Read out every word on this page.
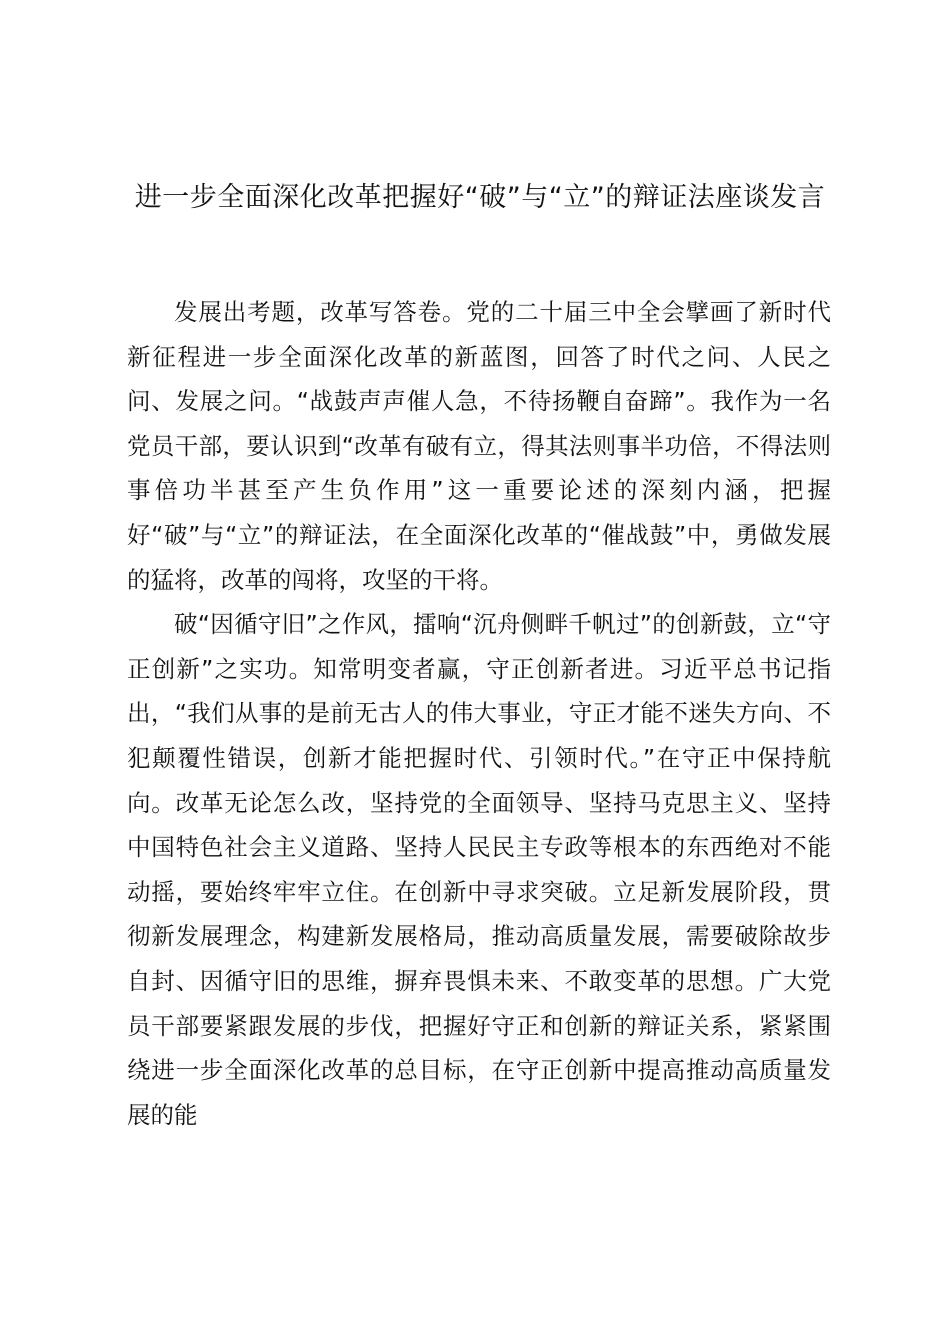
进一步全面深化改革把握好“破”与“立”的辩证法座谈发言

发展出考题，改革写答卷。党的二十届三中全会擘画了新时代新征程进一步全面深化改革的新蓝图，回答了时代之问、人民之问、发展之问。“战鼓声声催人急，不待扬鞭自奋蹄”。我作为一名党员干部，要认识到“改革有破有立，得其法则事半功倍，不得法则事倍功半甚至产生负作用”这一重要论述的深刻内涵，把握好“破”与“立”的辩证法，在全面深化改革的“催战鼓”中，勇做发展的猛将，改革的闯将，攻坚的干将。

破“因循守旧”之作风，擂响“沉舟侧畔千帆过”的创新鼓，立“守正创新”之实功。知常明变者赢，守正创新者进。习近平总书记指出，“我们从事的是前无古人的伟大事业，守正才能不迷失方向、不犯颠覆性错误，创新才能把握时代、引领时代。”在守正中保持航向。改革无论怎么改，坚持党的全面领导、坚持马克思主义、坚持中国特色社会主义道路、坚持人民民主专政等根本的东西绝对不能动摇，要始终牢牢立住。在创新中寻求突破。立足新发展阶段，贯彻新发展理念，构建新发展格局，推动高质量发展，需要破除故步自封、因循守旧的思维，摒弃畏惧未来、不敢变革的思想。广大党员干部要紧跟发展的步伐，把握好守正和创新的辩证关系，紧紧围绕进一步全面深化改革的总目标，在守正创新中提高推动高质量发展的能
